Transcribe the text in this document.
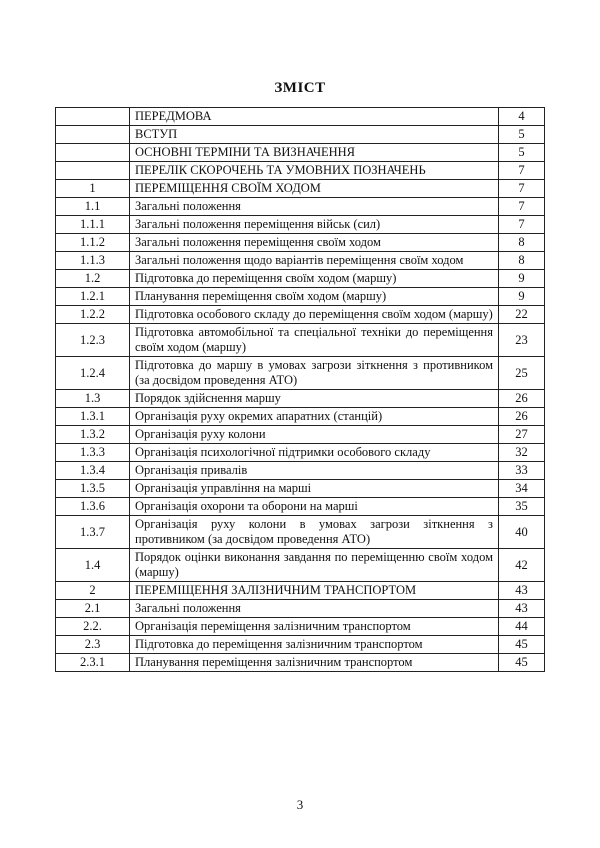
ЗМІСТ
	ПЕРЕДМОВА	4
	ВСТУП	5
	ОСНОВНІ ТЕРМІНИ ТА ВИЗНАЧЕННЯ	5
	ПЕРЕЛІК СКОРОЧЕНЬ ТА УМОВНИХ ПОЗНАЧЕНЬ	7
1	ПЕРЕМІЩЕННЯ СВОЇМ ХОДОМ	7
1.1	Загальні положення	7
1.1.1	Загальні положення переміщення військ (сил)	7
1.1.2	Загальні положення переміщення своїм ходом	8
1.1.3	Загальні положення щодо варіантів переміщення своїм ходом	8
1.2	Підготовка до переміщення своїм ходом (маршу)	9
1.2.1	Планування переміщення своїм ходом (маршу)	9
1.2.2	Підготовка особового складу до переміщення своїм ходом (маршу)	22
1.2.3	Підготовка автомобільної та спеціальної техніки до переміщення своїм ходом (маршу)	23
1.2.4	Підготовка до маршу в умовах загрози зіткнення з противником (за досвідом проведення АТО)	25
1.3	Порядок здійснення маршу	26
1.3.1	Організація руху окремих апаратних (станцій)	26
1.3.2	Організація руху колони	27
1.3.3	Організація психологічної підтримки особового складу	32
1.3.4	Організація привалів	33
1.3.5	Організація управління на марші	34
1.3.6	Організація охорони та оборони на марші	35
1.3.7	Організація руху колони в умовах загрози зіткнення з противником (за досвідом проведення АТО)	40
1.4	Порядок оцінки виконання завдання по переміщенню своїм ходом (маршу)	42
2	ПЕРЕМІЩЕННЯ ЗАЛІЗНИЧНИМ ТРАНСПОРТОМ	43
2.1	Загальні положення	43
2.2.	Організація переміщення залізничним транспортом	44
2.3	Підготовка до переміщення залізничним транспортом	45
2.3.1	Планування переміщення залізничним транспортом	45
3
